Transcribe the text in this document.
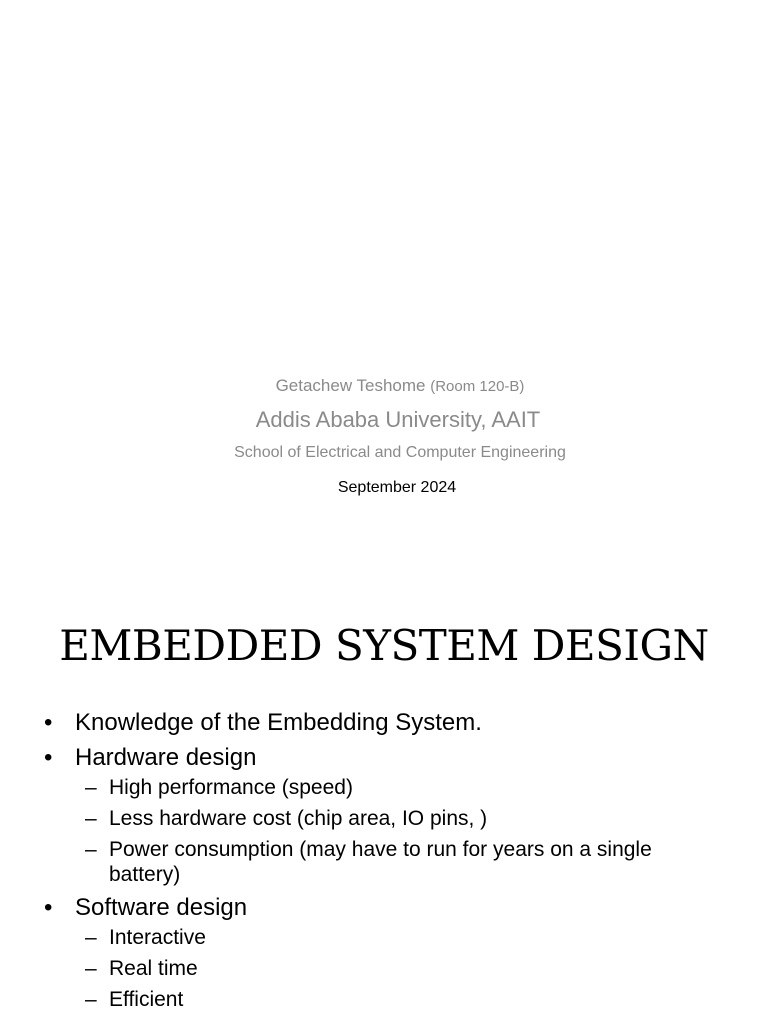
Getachew Teshome (Room 120-B)
Addis Ababa University, AAIT
School of Electrical and Computer Engineering
September 2024
EMBEDDED SYSTEM DESIGN
• Knowledge of the Embedding System.
• Hardware design
– High performance (speed)
– Less hardware cost (chip area, IO pins, )
– Power consumption (may have to run for years on a single battery)
• Software design
– Interactive
– Real time
– Efficient
